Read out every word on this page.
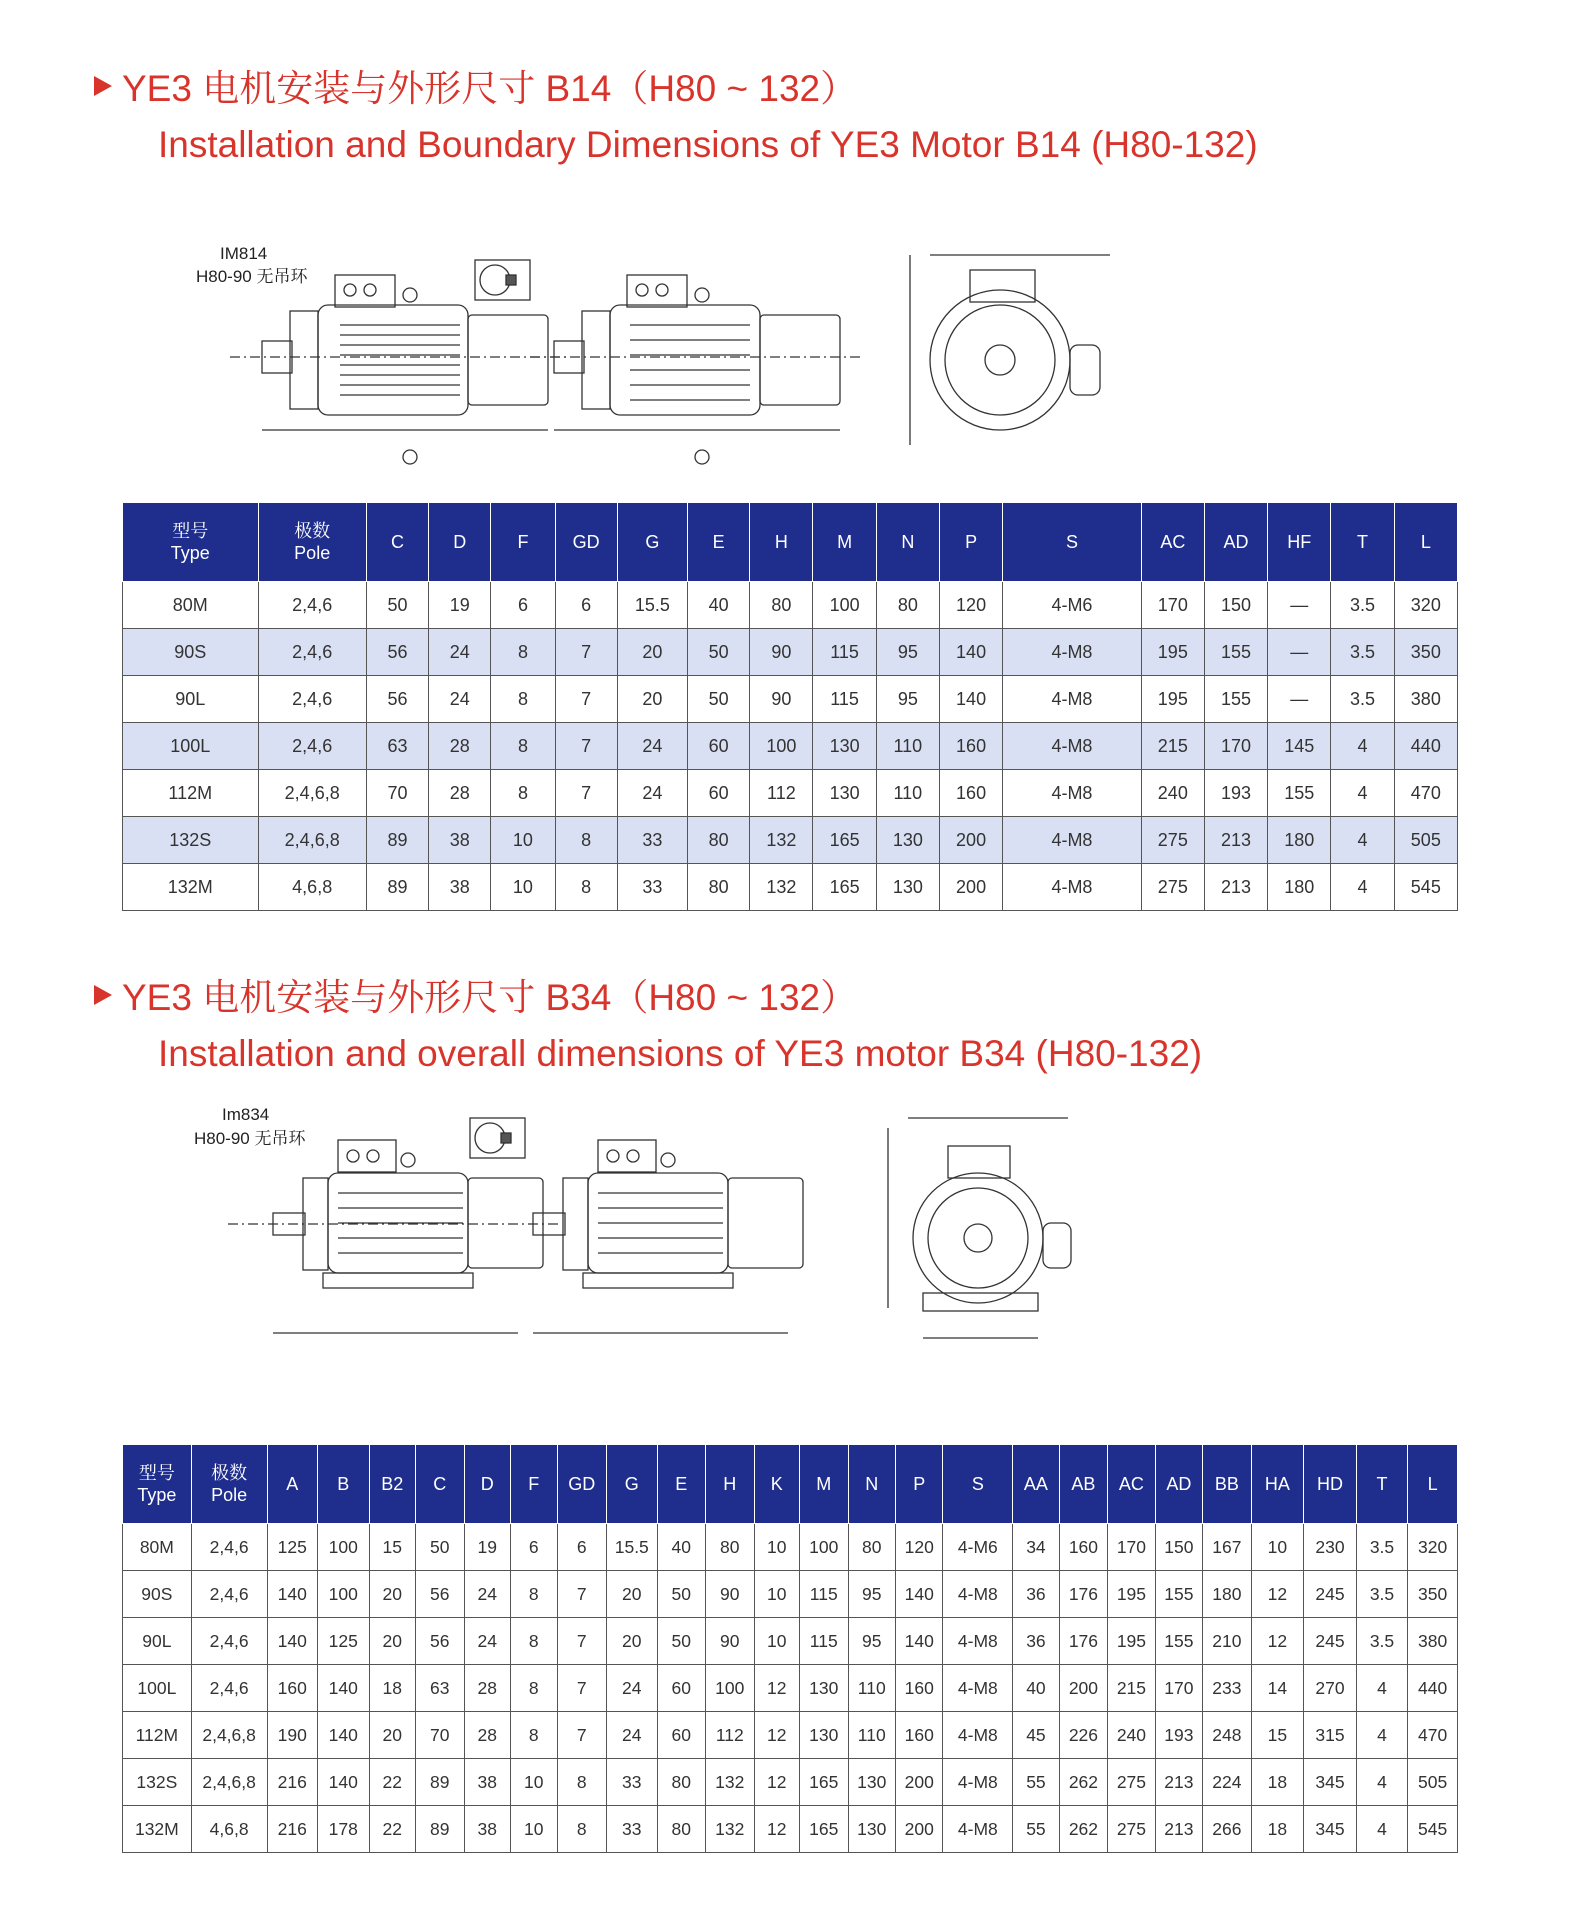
YE3 电机安装与外形尺寸 B14（H80 ~ 132）
Installation and Boundary Dimensions of YE3 Motor B14 (H80-132)
IM814
H80-90 无吊环
型号
Type	极数
Pole	C	D	F	GD	G	E	H	M	N	P	S	AC	AD	HF	T	L
80M	2,4,6	50	19	6	6	15.5	40	80	100	80	120	4-M6	170	150	—	3.5	320
90S	2,4,6	56	24	8	7	20	50	90	115	95	140	4-M8	195	155	—	3.5	350
90L	2,4,6	56	24	8	7	20	50	90	115	95	140	4-M8	195	155	—	3.5	380
100L	2,4,6	63	28	8	7	24	60	100	130	110	160	4-M8	215	170	145	4	440
112M	2,4,6,8	70	28	8	7	24	60	112	130	110	160	4-M8	240	193	155	4	470
132S	2,4,6,8	89	38	10	8	33	80	132	165	130	200	4-M8	275	213	180	4	505
132M	4,6,8	89	38	10	8	33	80	132	165	130	200	4-M8	275	213	180	4	545
YE3 电机安装与外形尺寸 B34（H80 ~ 132）
Installation and overall dimensions of YE3 motor B34 (H80-132)
Im834
H80-90 无吊环
型号
Type	极数
Pole	A	B	B2	C	D	F	GD	G	E	H	K	M	N	P	S	AA	AB	AC	AD	BB	HA	HD	T	L
80M	2,4,6	125	100	15	50	19	6	6	15.5	40	80	10	100	80	120	4-M6	34	160	170	150	167	10	230	3.5	320
90S	2,4,6	140	100	20	56	24	8	7	20	50	90	10	115	95	140	4-M8	36	176	195	155	180	12	245	3.5	350
90L	2,4,6	140	125	20	56	24	8	7	20	50	90	10	115	95	140	4-M8	36	176	195	155	210	12	245	3.5	380
100L	2,4,6	160	140	18	63	28	8	7	24	60	100	12	130	110	160	4-M8	40	200	215	170	233	14	270	4	440
112M	2,4,6,8	190	140	20	70	28	8	7	24	60	112	12	130	110	160	4-M8	45	226	240	193	248	15	315	4	470
132S	2,4,6,8	216	140	22	89	38	10	8	33	80	132	12	165	130	200	4-M8	55	262	275	213	224	18	345	4	505
132M	4,6,8	216	178	22	89	38	10	8	33	80	132	12	165	130	200	4-M8	55	262	275	213	266	18	345	4	545
